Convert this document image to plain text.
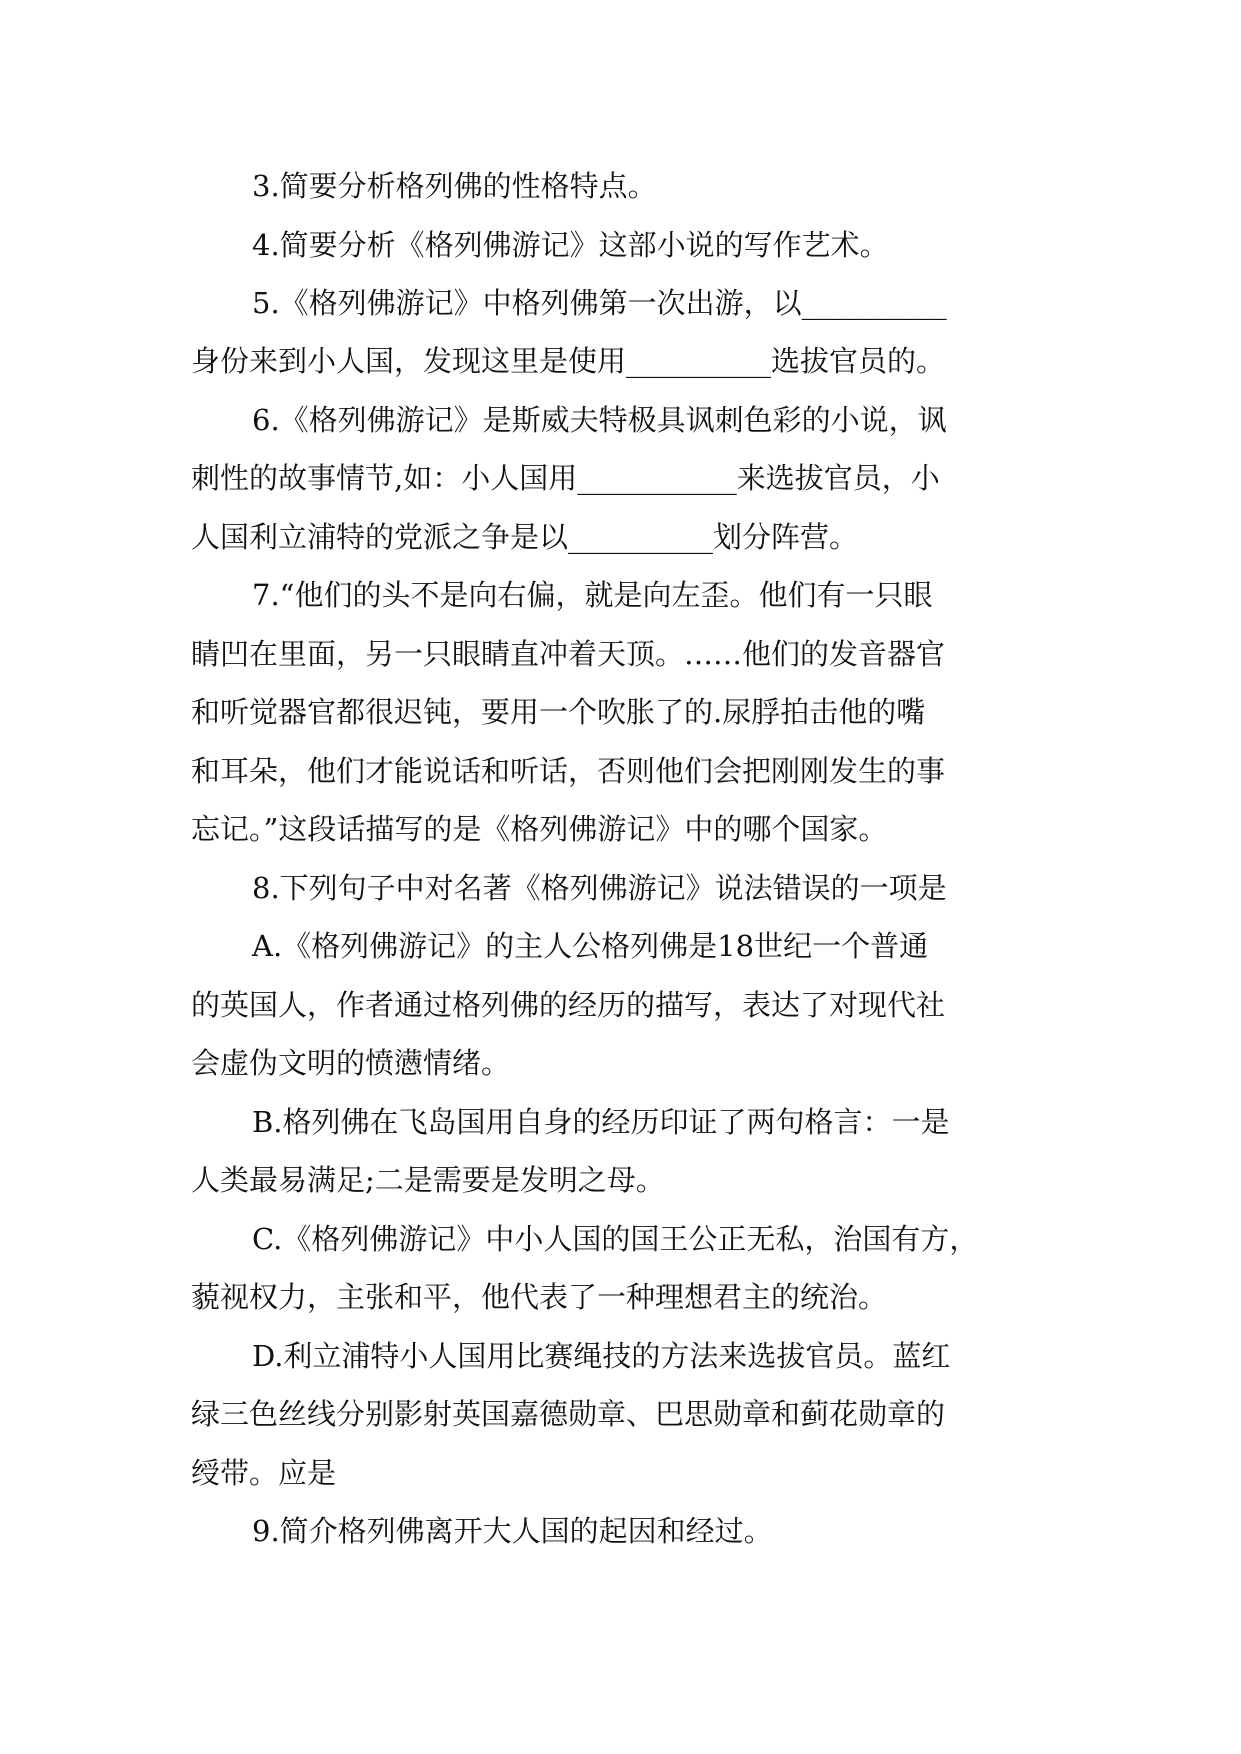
3.简要分析格列佛的性格特点。
4.简要分析《格列佛游记》这部小说的写作艺术。
5.《格列佛游记》中格列佛第一次出游，以__________
身份来到小人国，发现这里是使用__________选拔官员的。
6.《格列佛游记》是斯威夫特极具讽刺色彩的小说，讽
刺性的故事情节,如：小人国用___________来选拔官员，小
人国利立浦特的党派之争是以__________划分阵营。
7.“他们的头不是向右偏，就是向左歪。他们有一只眼
睛凹在里面，另一只眼睛直冲着天顶。……他们的发音器官
和听觉器官都很迟钝，要用一个吹胀了的.尿脬拍击他的嘴
和耳朵，他们才能说话和听话，否则他们会把刚刚发生的事
忘记。”这段话描写的是《格列佛游记》中的哪个国家。
8.下列句子中对名著《格列佛游记》说法错误的一项是
A.《格列佛游记》的主人公格列佛是18世纪一个普通
的英国人，作者通过格列佛的经历的描写，表达了对现代社
会虚伪文明的愤懑情绪。
B.格列佛在飞岛国用自身的经历印证了两句格言：一是
人类最易满足;二是需要是发明之母。
C.《格列佛游记》中小人国的国王公正无私，治国有方，
藐视权力，主张和平，他代表了一种理想君主的统治。
D.利立浦特小人国用比赛绳技的方法来选拔官员。蓝红
绿三色丝线分别影射英国嘉德勋章、巴思勋章和蓟花勋章的
绶带。应是
9.简介格列佛离开大人国的起因和经过。
